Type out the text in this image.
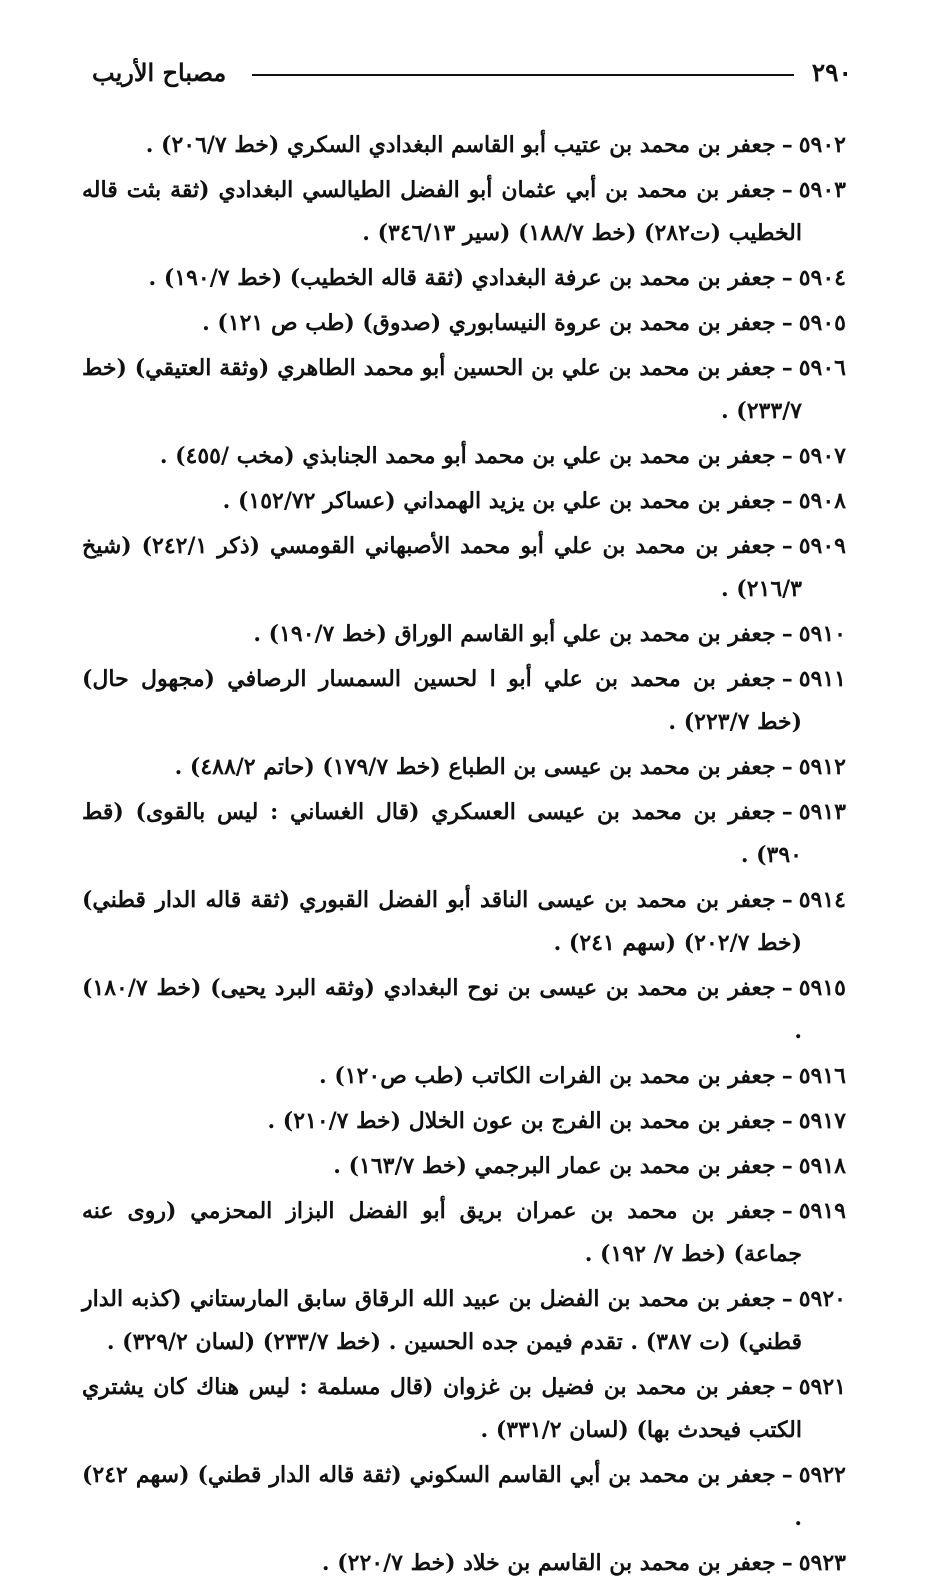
٢٩٠
مصباح الأريب

٥٩٠٢–جعفر بن محمد بن عتيب أبو القاسم البغدادي السكري (خط ٢٠٦/٧) .

٥٩٠٣–جعفر بن محمد بن أبي عثمان أبو الفضل الطيالسي البغدادي (ثقة بثت قاله الخطيب (ت٢٨٢) (خط ١٨٨/٧) (سير ٣٤٦/١٣) .

٥٩٠٤–جعفر بن محمد بن عرفة البغدادي (ثقة قاله الخطيب) (خط ١٩٠/٧) .

٥٩٠٥–جعفر بن محمد بن عروة النيسابوري (صدوق) (طب ص ١٢١) .

٥٩٠٦–جعفر بن محمد بن علي بن الحسين أبو محمد الطاهري (وثقة العتيقي) (خط ٢٣٣/٧) .

٥٩٠٧–جعفر بن محمد بن علي بن محمد أبو محمد الجنابذي (مخب /٤٥٥) .

٥٩٠٨–جعفر بن محمد بن علي بن يزيد الهمداني (عساكر ١٥٢/٧٢) .

٥٩٠٩–جعفر بن محمد بن علي أبو محمد الأصبهاني القومسي (ذكر ٢٤٢/١) (شيخ ٢١٦/٣) .

٥٩١٠–جعفر بن محمد بن علي أبو القاسم الوراق (خط ١٩٠/٧) .

٥٩١١–جعفر بن محمد بن علي أبو ا لحسين السمسار الرصافي (مجهول حال) (خط ٢٢٣/٧) .

٥٩١٢–جعفر بن محمد بن عيسى بن الطباع (خط ١٧٩/٧) (حاتم ٤٨٨/٢) .

٥٩١٣–جعفر بن محمد بن عيسى العسكري (قال الغساني : ليس بالقوى) (قط ٣٩٠) .

٥٩١٤–جعفر بن محمد بن عيسى الناقد أبو الفضل القبوري (ثقة قاله الدار قطني) (خط ٢٠٢/٧) (سهم ٢٤١) .

٥٩١٥–جعفر بن محمد بن عيسى بن نوح البغدادي (وثقه البرد يحيى) (خط ١٨٠/٧) .

٥٩١٦–جعفر بن محمد بن الفرات الكاتب (طب ص١٢٠) .

٥٩١٧–جعفر بن محمد بن الفرج بن عون الخلال (خط ٢١٠/٧) .

٥٩١٨–جعفر بن محمد بن عمار البرجمي (خط ١٦٣/٧) .

٥٩١٩–جعفر بن محمد بن عمران بريق أبو الفضل البزاز المحزمي (روى عنه جماعة) (خط ٧/ ١٩٢) .

٥٩٢٠–جعفر بن محمد بن الفضل بن عبيد الله الرقاق سابق المارستاني (كذبه الدار قطني) (ت ٣٨٧) . تقدم فيمن جده الحسين . (خط ٢٣٣/٧) (لسان ٣٢٩/٢) .

٥٩٢١–جعفر بن محمد بن فضيل بن غزوان (قال مسلمة : ليس هناك كان يشتري الكتب فيحدث بها) (لسان ٣٣١/٢) .

٥٩٢٢–جعفر بن محمد بن أبي القاسم السكوني (ثقة قاله الدار قطني) (سهم ٢٤٢) .

٥٩٢٣–جعفر بن محمد بن القاسم بن خلاد (خط ٢٢٠/٧) .
